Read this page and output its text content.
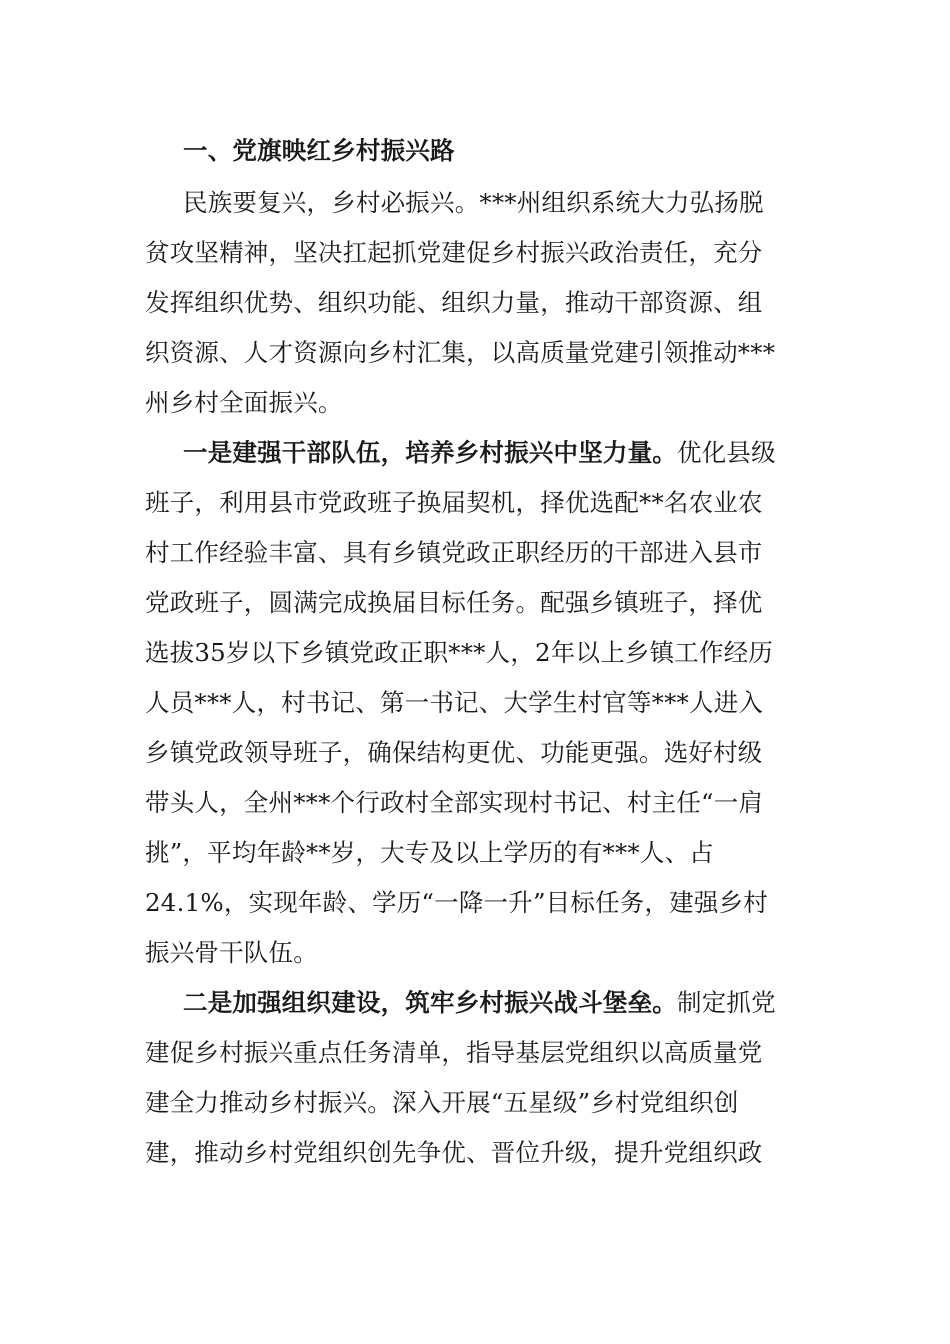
一、党旗映红乡村振兴路
民族要复兴，乡村必振兴。***州组织系统大力弘扬脱
贫攻坚精神，坚决扛起抓党建促乡村振兴政治责任，充分
发挥组织优势、组织功能、组织力量，推动干部资源、组
织资源、人才资源向乡村汇集，以高质量党建引领推动***
州乡村全面振兴。
一是建强干部队伍，培养乡村振兴中坚力量。优化县级
班子，利用县市党政班子换届契机，择优选配**名农业农
村工作经验丰富、具有乡镇党政正职经历的干部进入县市
党政班子，圆满完成换届目标任务。配强乡镇班子，择优
选拔35岁以下乡镇党政正职***人，2年以上乡镇工作经历
人员***人，村书记、第一书记、大学生村官等***人进入
乡镇党政领导班子，确保结构更优、功能更强。选好村级
带头人，全州***个行政村全部实现村书记、村主任“一肩
挑”，平均年龄**岁，大专及以上学历的有***人、占
24.1%，实现年龄、学历“一降一升”目标任务，建强乡村
振兴骨干队伍。
二是加强组织建设，筑牢乡村振兴战斗堡垒。制定抓党
建促乡村振兴重点任务清单，指导基层党组织以高质量党
建全力推动乡村振兴。深入开展“五星级”乡村党组织创
建，推动乡村党组织创先争优、晋位升级，提升党组织政
